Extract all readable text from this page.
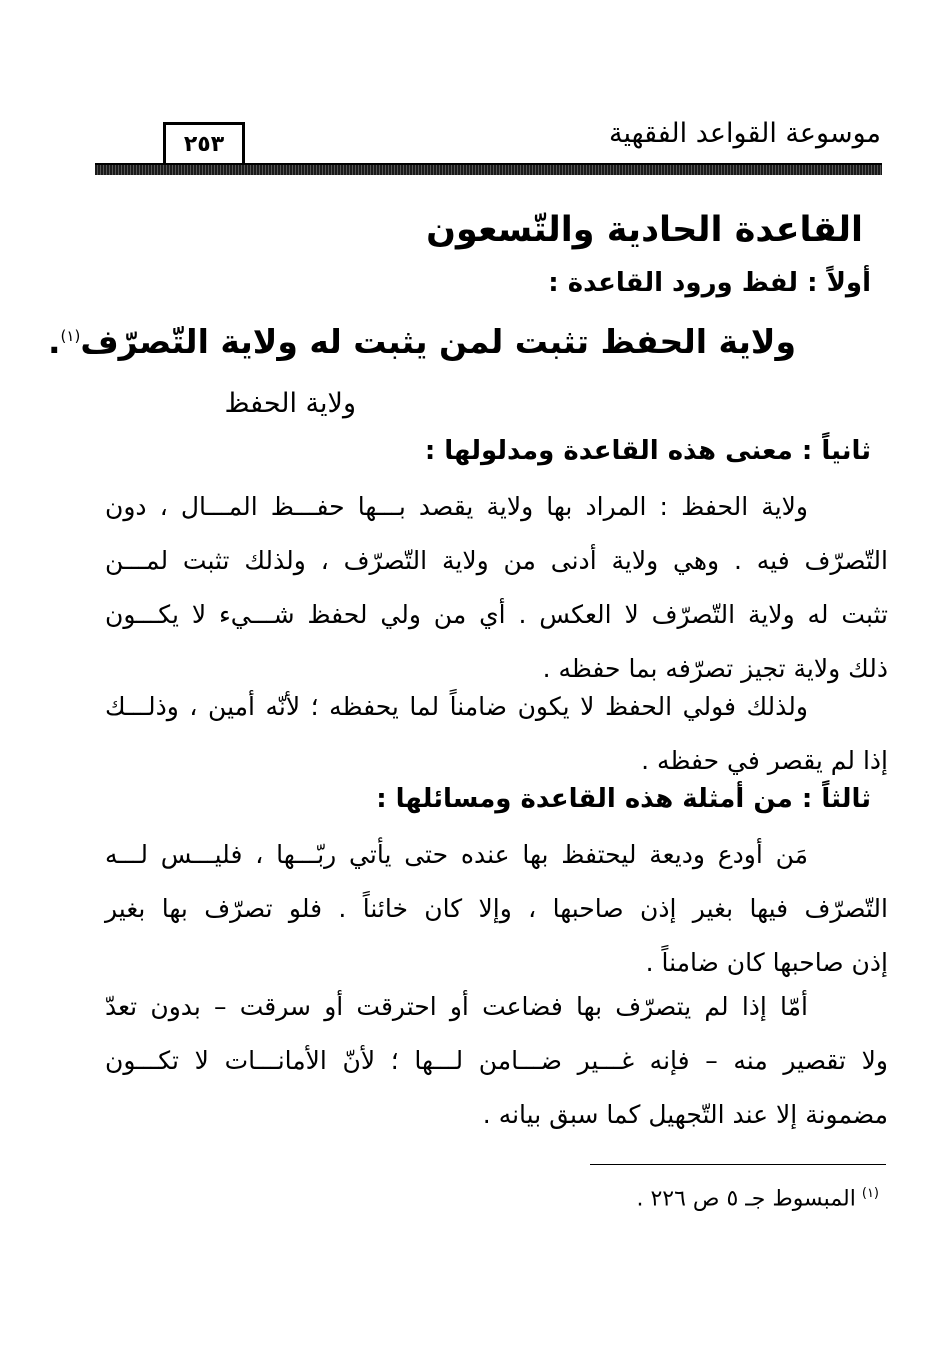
موسوعة القواعد الفقهية
٢٥٣
القاعدة الحادية والتّسعون
أولاً : لفظ ورود القاعدة :
ولاية الحفظ تثبت لمن يثبت له ولاية التّصرّف$^{(١)}$.
ولاية الحفظ
ثانياً : معنى هذه القاعدة ومدلولها :
ولاية الحفظ : المراد بها ولاية يقصد بـــها حفـــظ المـــال ، دون
التّصرّف فيه . وهي ولاية أدنى من ولاية التّصرّف ، ولذلك تثبت لمـــن
تثبت له ولاية التّصرّف لا العكس . أي من ولي لحفظ شـــيء لا يكـــون
ذلك ولاية تجيز تصرّفه بما حفظه .
ولذلك فولي الحفظ لا يكون ضامناً لما يحفظه ؛ لأنّه أمين ، وذلـــك
إذا لم يقصر في حفظه .
ثالثاً : من أمثلة هذه القاعدة ومسائلها :
مَن أودع وديعة ليحتفظ بها عنده حتى يأتي ربّـــها ، فليـــس لـــه
التّصرّف فيها بغير إذن صاحبها ، وإلا كان خائناً . فلو تصرّف بها بغير
إذن صاحبها كان ضامناً .
أمّا إذا لم يتصرّف بها فضاعت أو احترقت أو سرقت – بدون تعدّ
ولا تقصير منه – فإنه غـــير ضـــامن لـــها ؛ لأنّ الأمانـــات لا تكـــون
مضمونة إلا عند التّجهيل كما سبق بيانه .
$^{(١)}$المبسوط جـ ٥ ص ٢٢٦ .
